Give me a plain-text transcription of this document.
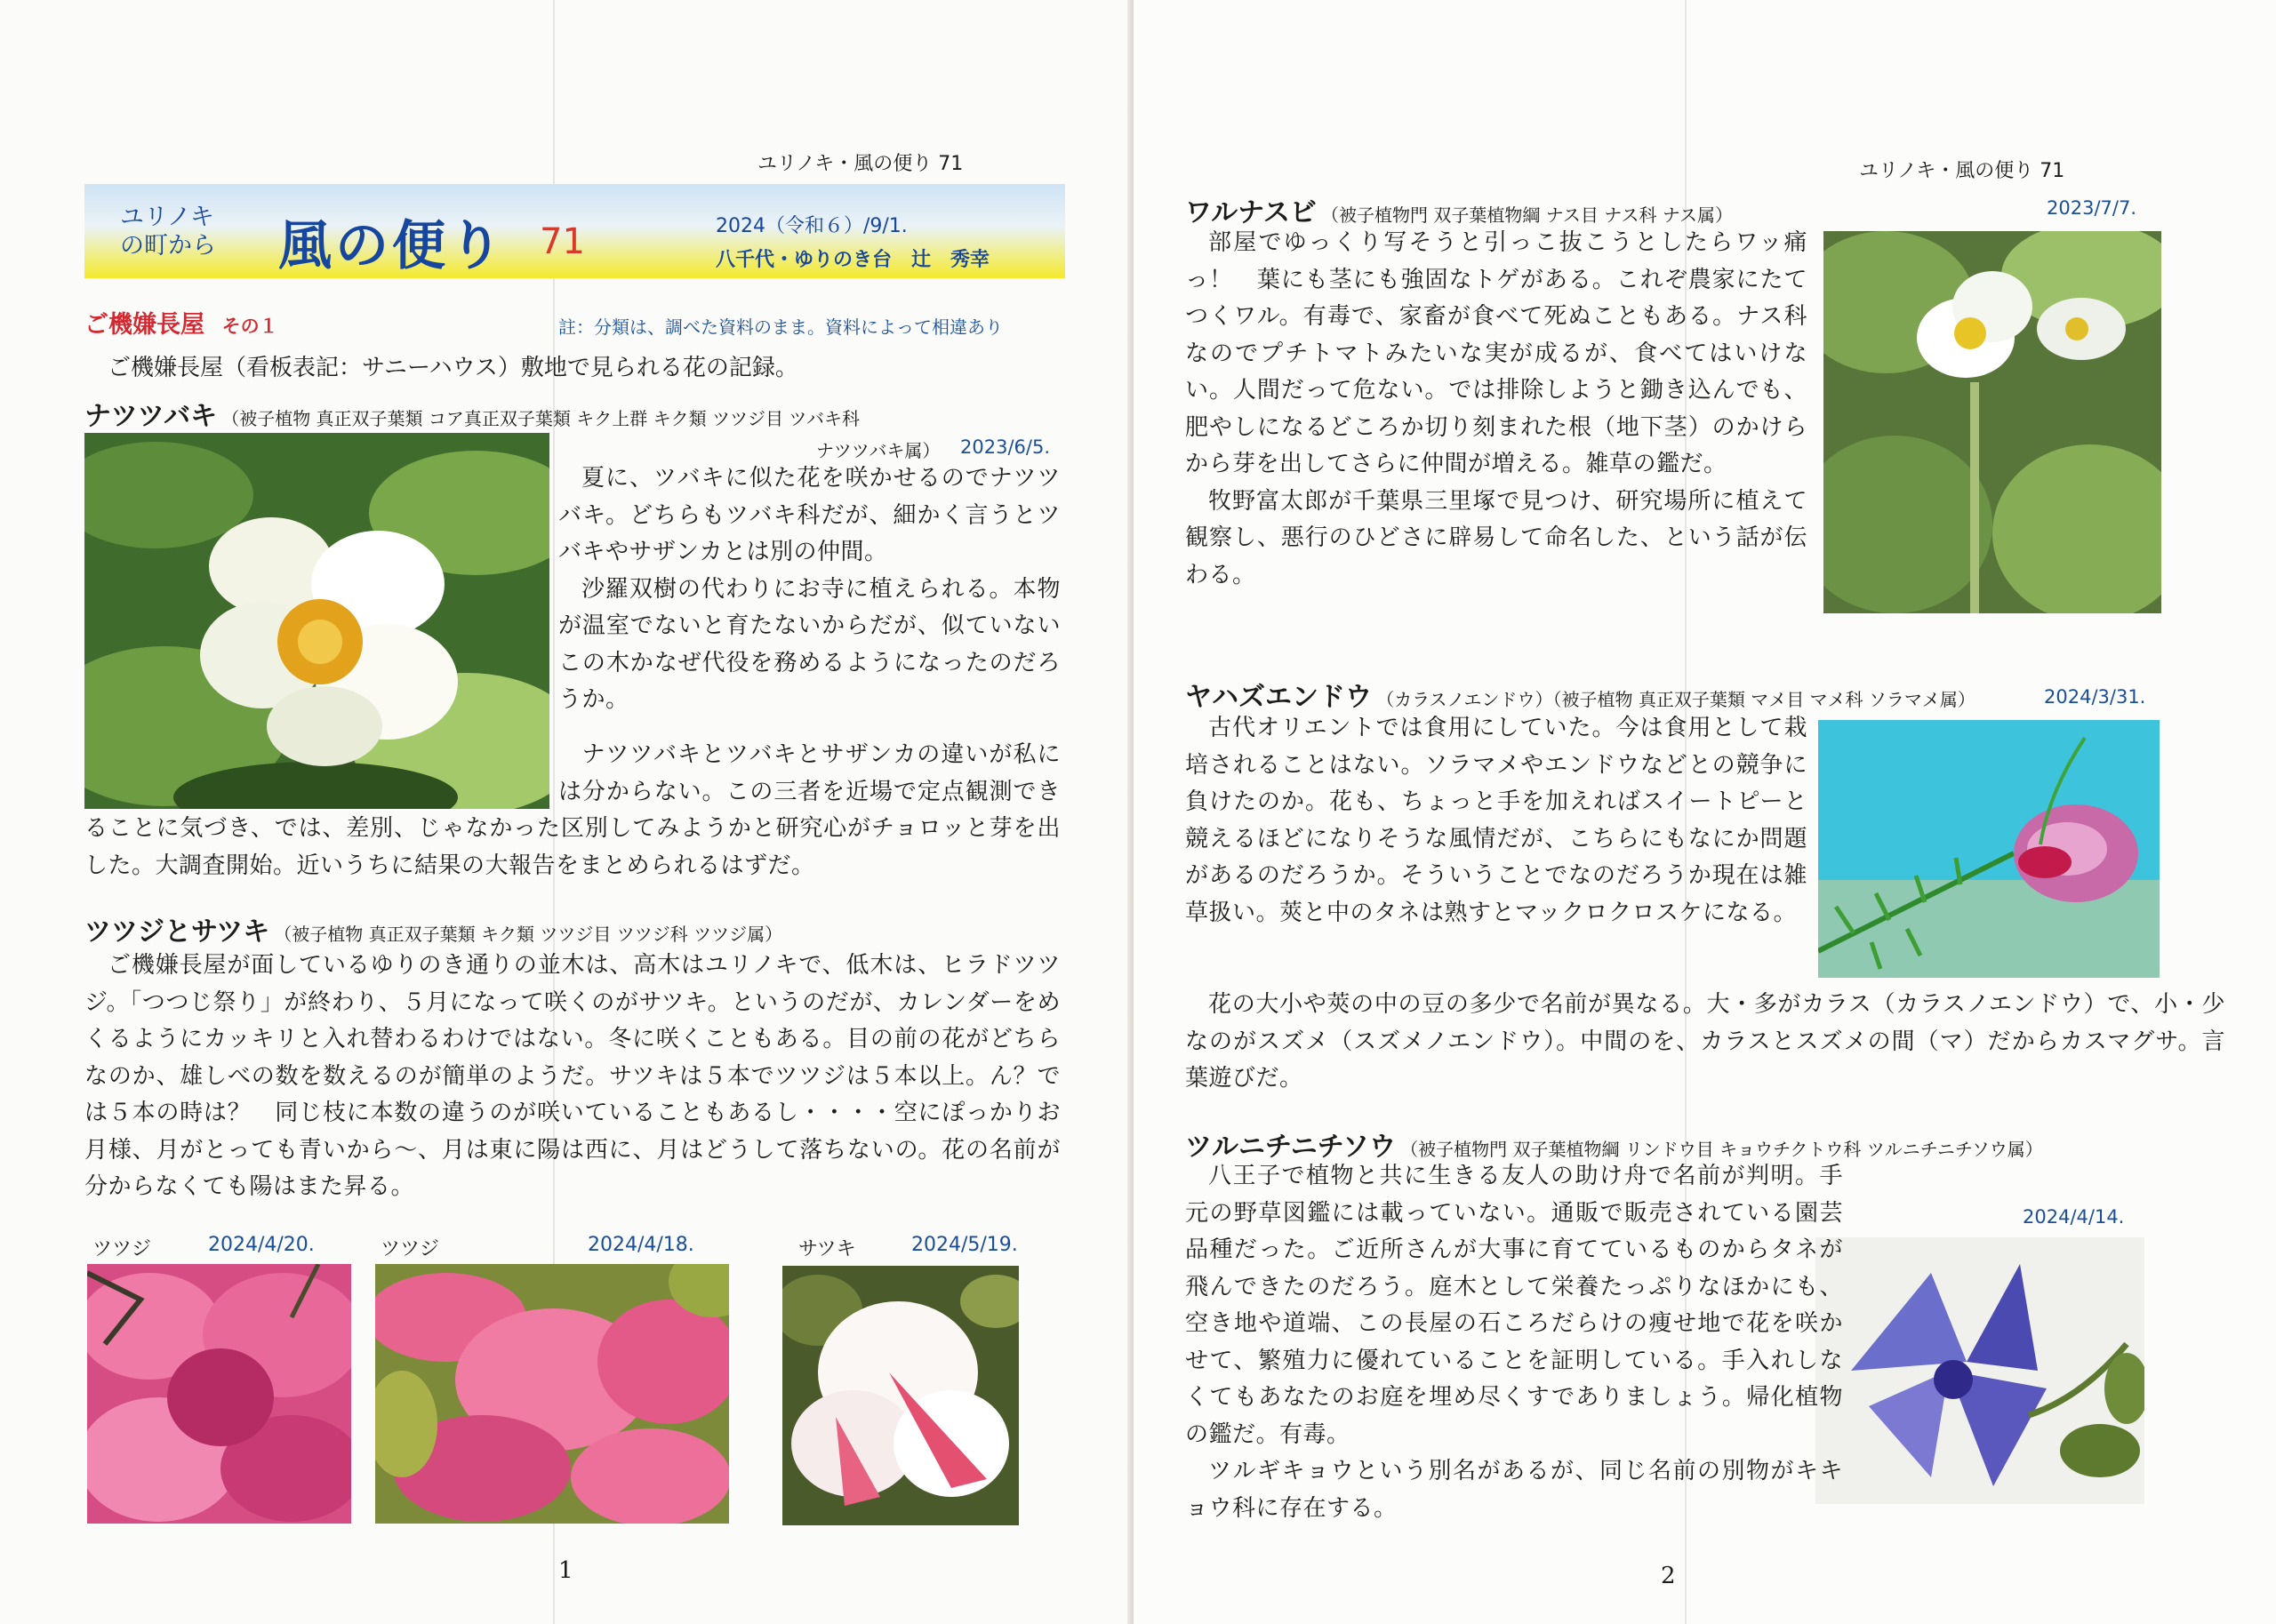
ユリノキ・風の便り 71
ユリノキ
の町から 風の便り 71	2024（令和６）/9/1.
八千代・ゆりのき台　辻　秀幸
ご機嫌長屋 その１	註：分類は、調べた資料のまま。資料によって相違あり
ご機嫌長屋（看板表記：サニーハウス）敷地で見られる花の記録。
ナツツバキ （被子植物 真正双子葉類 コア真正双子葉類 キク上群 キク類 ツツジ目 ツバキ科
ナツツバキ属） 2023/6/5.

夏に、ツバキに似た花を咲かせるのでナツツバキ。どちらもツバキ科だが、細かく言うとツバキやサザンカとは別の仲間。

沙羅双樹の代わりにお寺に植えられる。本物が温室でないと育たないからだが、似ていないこの木かなぜ代役を務めるようになったのだろうか。

ナツツバキとツバキとサザンカの違いが私には分からない。この三者を近場で定点観測できることに気づき、では、差別、じゃなかった区別してみようかと研究心がチョロッと芽を出した。大調査開始。近いうちに結果の大報告をまとめられるはずだ。

ツツジとサツキ （被子植物 真正双子葉類 キク類 ツツジ目 ツツジ科 ツツジ属）

ご機嫌長屋が面しているゆりのき通りの並木は、高木はユリノキで、低木は、ヒラドツツジ。「つつじ祭り」が終わり、５月になって咲くのがサツキ。というのだが、カレンダーをめくるようにカッキリと入れ替わるわけではない。冬に咲くこともある。目の前の花がどちらなのか、雄しべの数を数えるのが簡単のようだ。サツキは５本でツツジは５本以上。ん？では５本の時は？　同じ枝に本数の違うのが咲いていることもあるし・・・・空にぽっかりお月様、月がとっても青いから～、月は東に陽は西に、月はどうして落ちないの。花の名前が分からなくても陽はまた昇る。

ツツジ	2024/4/20.	ツツジ	2024/4/18.	サツキ	2024/5/19.
1
ユリノキ・風の便り 71
ワルナスビ （被子植物門 双子葉植物綱 ナス目 ナス科 ナス属）	2023/7/7.

部屋でゆっくり写そうと引っこ抜こうとしたらワッ痛っ！　葉にも茎にも強固なトゲがある。これぞ農家にたてつくワル。有毒で、家畜が食べて死ぬこともある。ナス科なのでプチトマトみたいな実が成るが、食べてはいけない。人間だって危ない。では排除しようと鋤き込んでも、肥やしになるどころか切り刻まれた根（地下茎）のかけらから芽を出してさらに仲間が増える。雑草の鑑だ。

牧野富太郎が千葉県三里塚で見つけ、研究場所に植えて観察し、悪行のひどさに辟易して命名した、という話が伝わる。

ヤハズエンドウ （カラスノエンドウ）（被子植物 真正双子葉類 マメ目 マメ科 ソラマメ属）	2024/3/31.

古代オリエントでは食用にしていた。今は食用として栽培されることはない。ソラマメやエンドウなどとの競争に負けたのか。花も、ちょっと手を加えればスイートピーと競えるほどになりそうな風情だが、こちらにもなにか問題があるのだろうか。そういうことでなのだろうか現在は雑草扱い。莢と中のタネは熟すとマックロクロスケになる。

花の大小や莢の中の豆の多少で名前が異なる。大・多がカラス（カラスノエンドウ）で、小・少なのがスズメ（スズメノエンドウ）。中間のを、カラスとスズメの間（マ）だからカスマグサ。言葉遊びだ。

ツルニチニチソウ （被子植物門 双子葉植物綱 リンドウ目 キョウチクトウ科 ツルニチニチソウ属）
2024/4/14.

八王子で植物と共に生きる友人の助け舟で名前が判明。手元の野草図鑑には載っていない。通販で販売されている園芸品種だった。ご近所さんが大事に育てているものからタネが飛んできたのだろう。庭木として栄養たっぷりなほかにも、空き地や道端、この長屋の石ころだらけの痩せ地で花を咲かせて、繁殖力に優れていることを証明している。手入れしなくてもあなたのお庭を埋め尽くすでありましょう。帰化植物の鑑だ。有毒。

ツルギキョウという別名があるが、同じ名前の別物がキキョウ科に存在する。

2
